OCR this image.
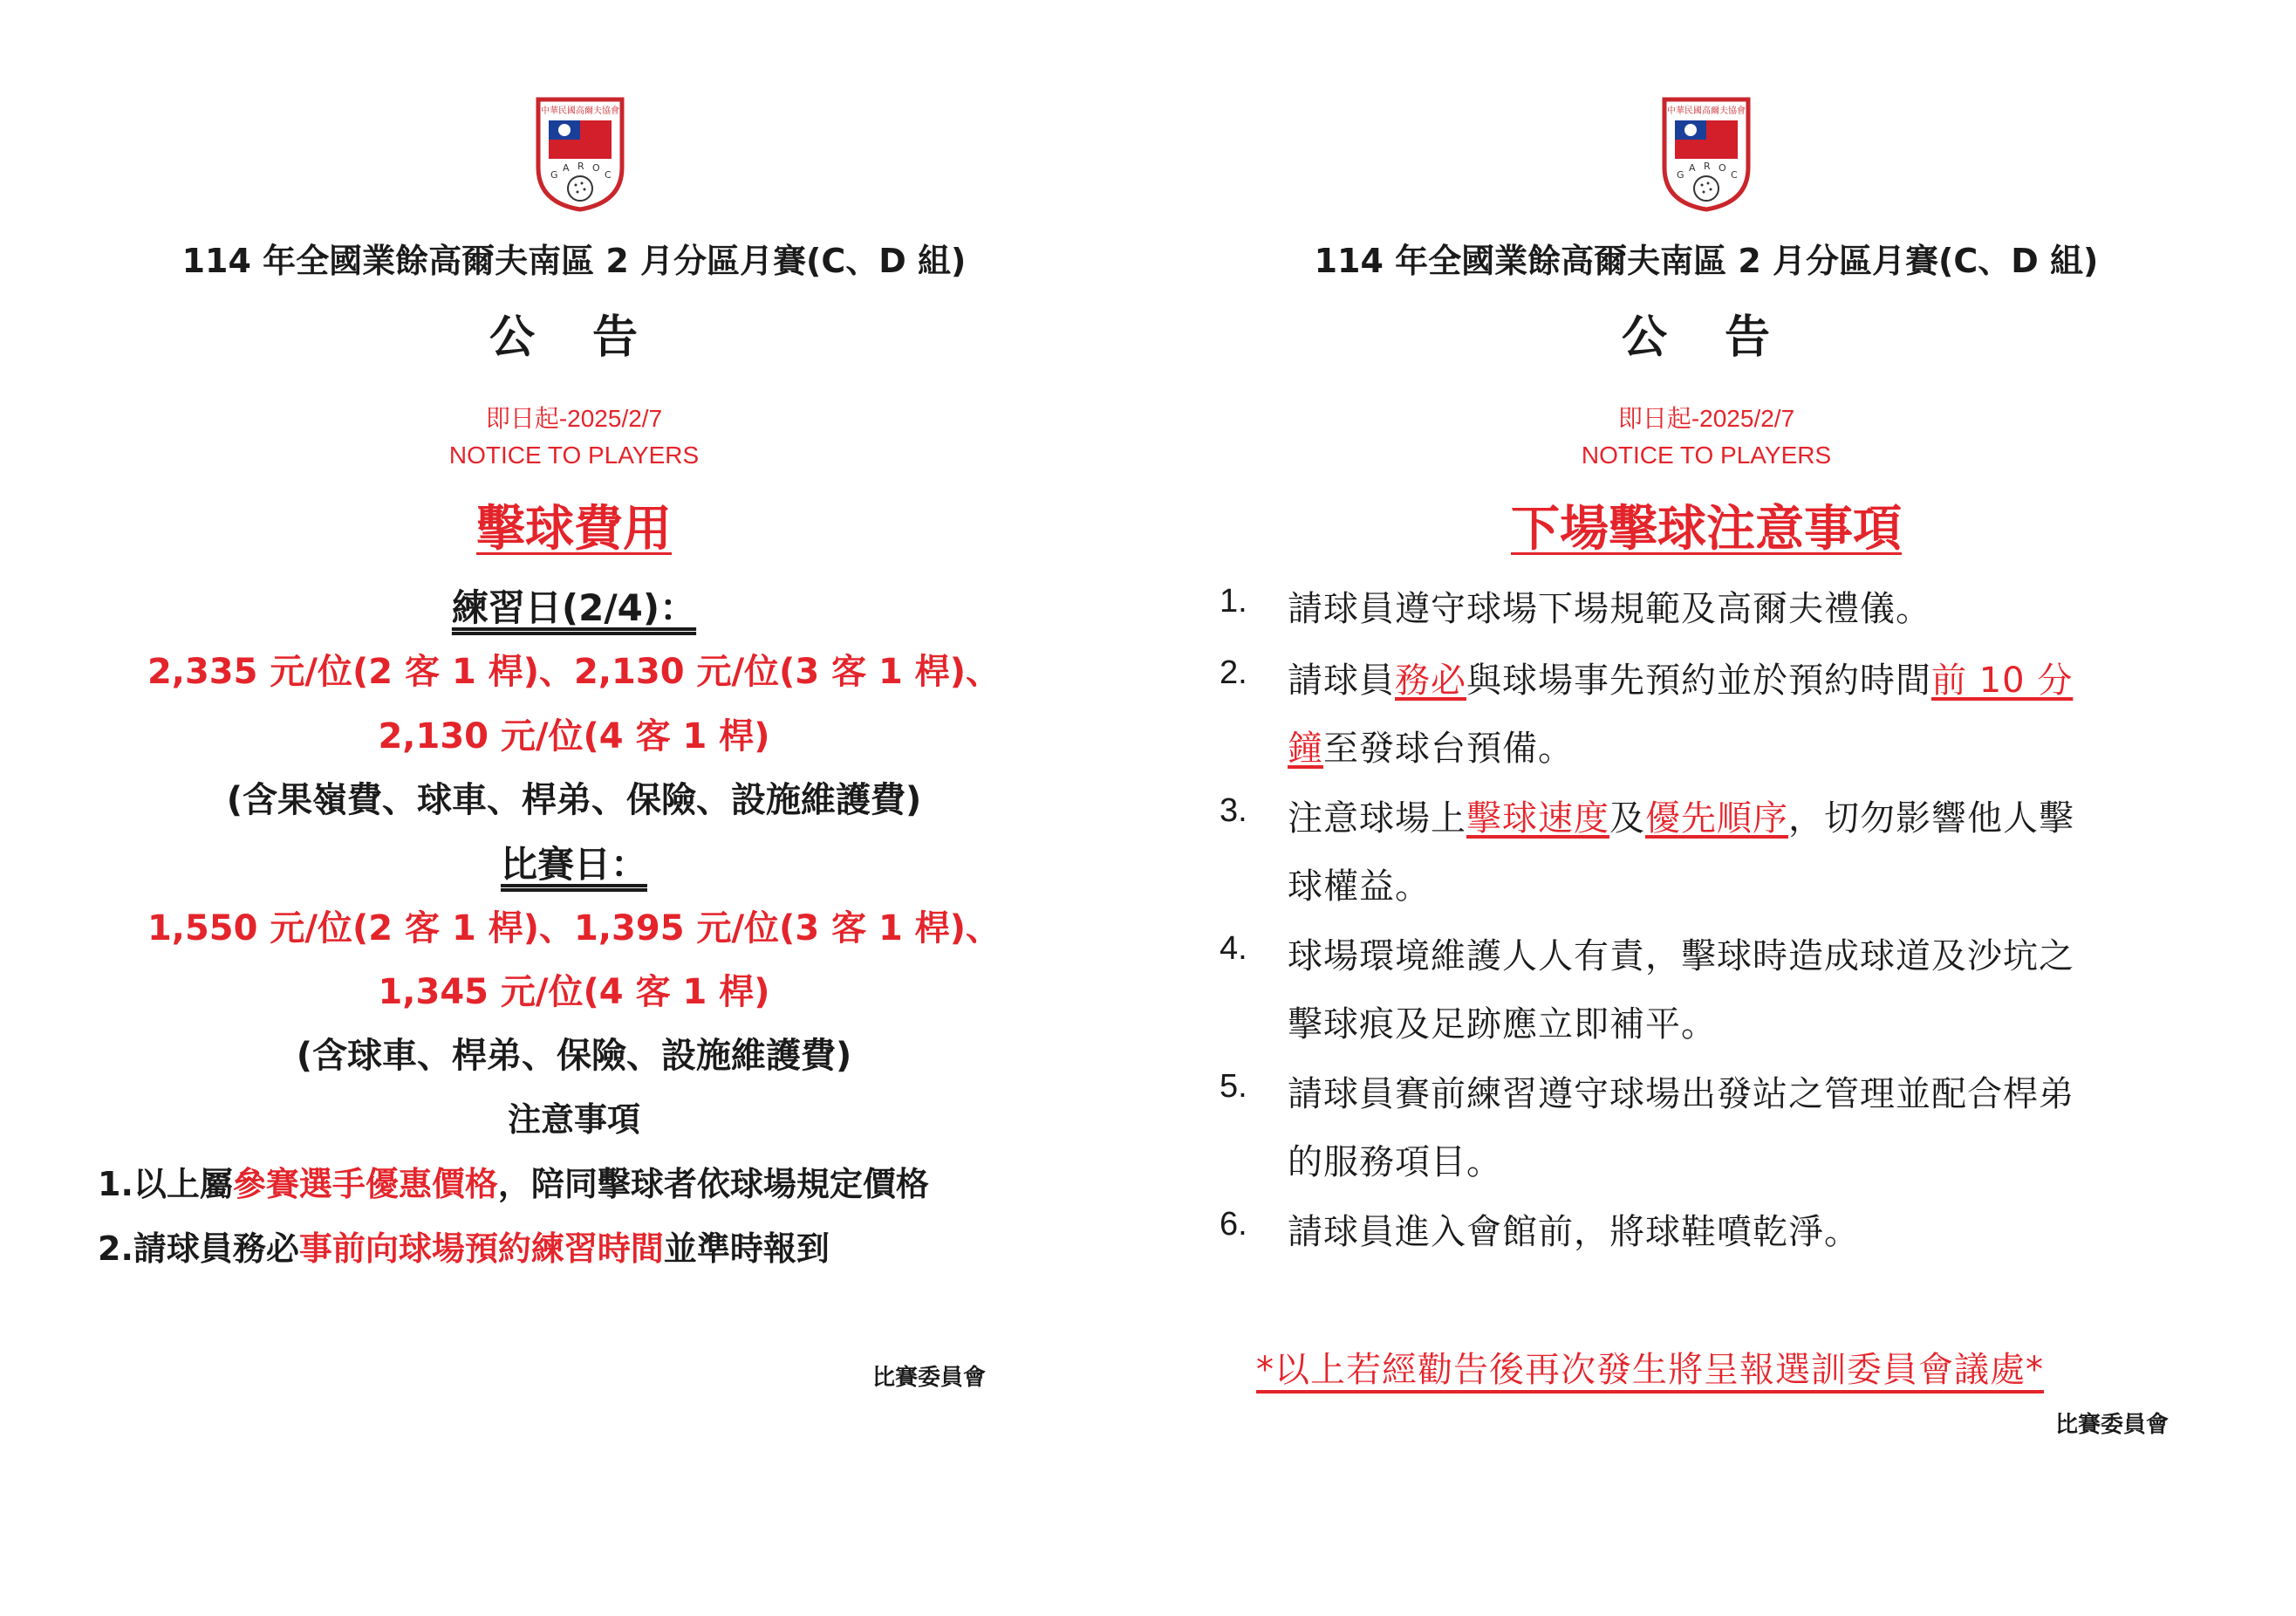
中華民國高爾夫協會
G
A R O
C
114 年全國業餘高爾夫南區 2 月分區月賽(C、D 組)
公 告
即日起-2025/2/7
NOTICE TO PLAYERS
擊球費用
練習日(2/4)：
2,335 元/位(2 客 1 桿)、2,130 元/位(3 客 1 桿)、
2,130 元/位(4 客 1 桿)
(含果嶺費、球車、桿弟、保險、設施維護費)
比賽日：
1,550 元/位(2 客 1 桿)、1,395 元/位(3 客 1 桿)、
1,345 元/位(4 客 1 桿)
(含球車、桿弟、保險、設施維護費)
注意事項
1.以上屬參賽選手優惠價格，陪同擊球者依球場規定價格
2.請球員務必事前向球場預約練習時間並準時報到
比賽委員會
中華民國高爾夫協會
G
A R O
C
114 年全國業餘高爾夫南區 2 月分區月賽(C、D 組)
公 告
即日起-2025/2/7
NOTICE TO PLAYERS
下場擊球注意事項
1. 請球員遵守球場下場規範及高爾夫禮儀。
2. 請球員務必與球場事先預約並於預約時間前 10 分
鐘至發球台預備。
3. 注意球場上擊球速度及優先順序，切勿影響他人擊
球權益。
4. 球場環境維護人人有責，擊球時造成球道及沙坑之
擊球痕及足跡應立即補平。
5. 請球員賽前練習遵守球場出發站之管理並配合桿弟
的服務項目。
6. 請球員進入會館前，將球鞋噴乾淨。
*以上若經勸告後再次發生將呈報選訓委員會議處*
比賽委員會
